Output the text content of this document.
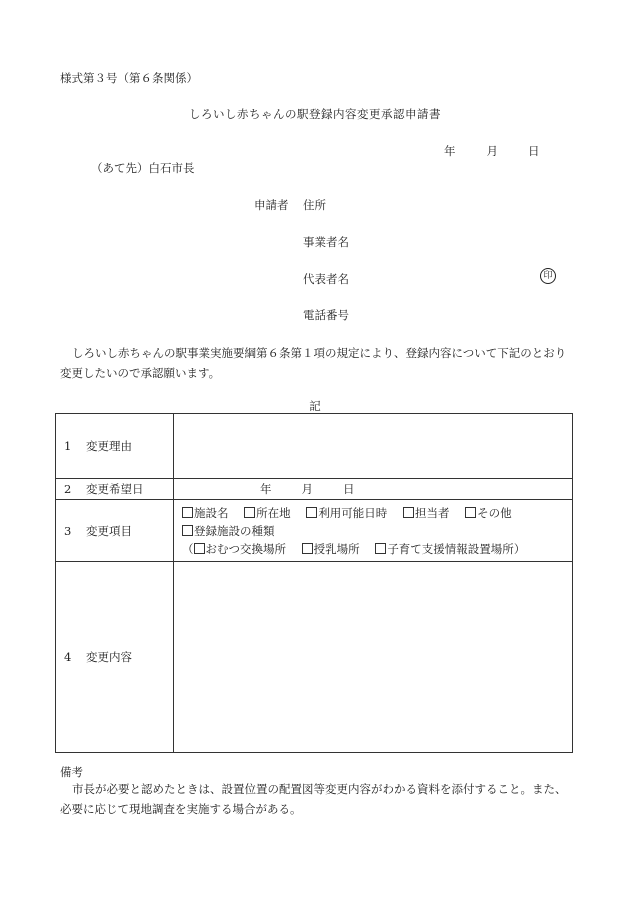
様式第３号（第６条関係）
しろいし赤ちゃんの駅登録内容変更承認申請書
年	月	日
（あて先）白石市長
申請者 住所
事業者名
代表者名	印
電話番号
しろいし赤ちゃんの駅事業実施要綱第６条第１項の規定により、登録内容について下記のとおり変更したいので承認願います。
記
1 変更理由	
2 変更希望日	年 月 日
3 変更項目	施設名 所在地 利用可能日時 担当者 その他
登録施設の種類
（ おむつ交換場所 授乳場所 子育て支援情報設置場所）

4 変更内容	
備考
市長が必要と認めたときは、設置位置の配置図等変更内容がわかる資料を添付すること。また、必要に応じて現地調査を実施する場合がある。
